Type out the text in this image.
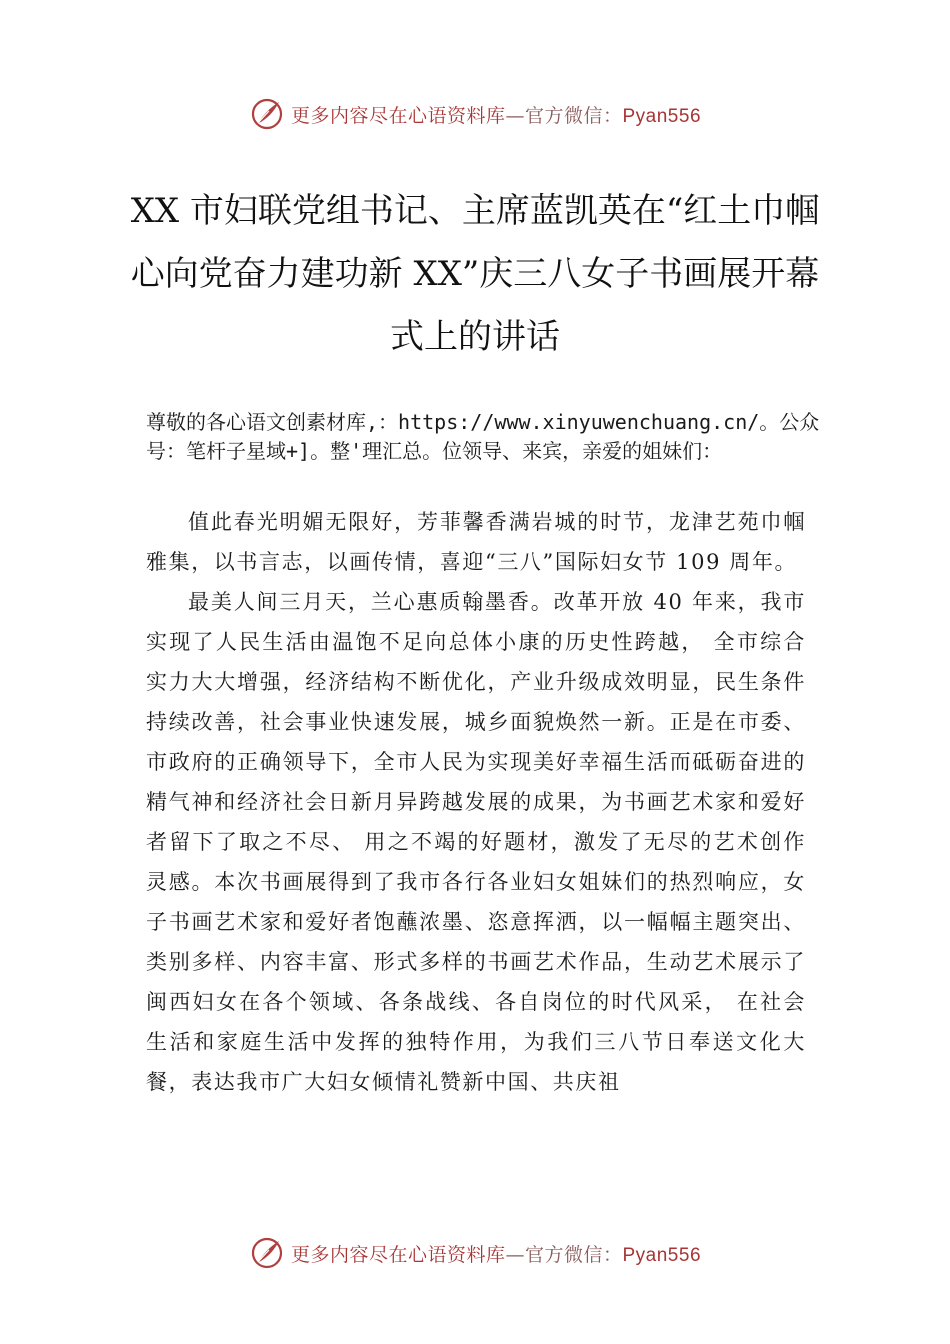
更多内容尽在心语资料库—官方微信：Pyan556
XX 市妇联党组书记、主席蓝凯英在“红土巾帼心向党奋力建功新 XX”庆三八女子书画展开幕式上的讲话
尊敬的各心语文创素材库,：https://www.xinyuwenchuang.cn/。公众号：笔杆子星域+]。整'理汇总。位领导、来宾，亲爱的姐妹们：

值此春光明媚无限好，芳菲馨香满岩城的时节，龙津艺苑巾帼雅集，以书言志，以画传情，喜迎“三八”国际妇女节 109 周年。

最美人间三月天，兰心惠质翰墨香。改革开放 40 年来，我市实现了人民生活由温饱不足向总体小康的历史性跨越， 全市综合实力大大增强，经济结构不断优化，产业升级成效明显，民生条件持续改善，社会事业快速发展，城乡面貌焕然一新。正是在市委、市政府的正确领导下，全市人民为实现美好幸福生活而砥砺奋进的精气神和经济社会日新月异跨越发展的成果，为书画艺术家和爱好者留下了取之不尽、 用之不竭的好题材，激发了无尽的艺术创作灵感。本次书画展得到了我市各行各业妇女姐妹们的热烈响应，女子书画艺术家和爱好者饱蘸浓墨、恣意挥洒，以一幅幅主题突出、类别多样、内容丰富、形式多样的书画艺术作品，生动艺术展示了闽西妇女在各个领域、各条战线、各自岗位的时代风采， 在社会生活和家庭生活中发挥的独特作用，为我们三八节日奉送文化大餐，表达我市广大妇女倾情礼赞新中国、共庆祖

更多内容尽在心语资料库—官方微信：Pyan556
